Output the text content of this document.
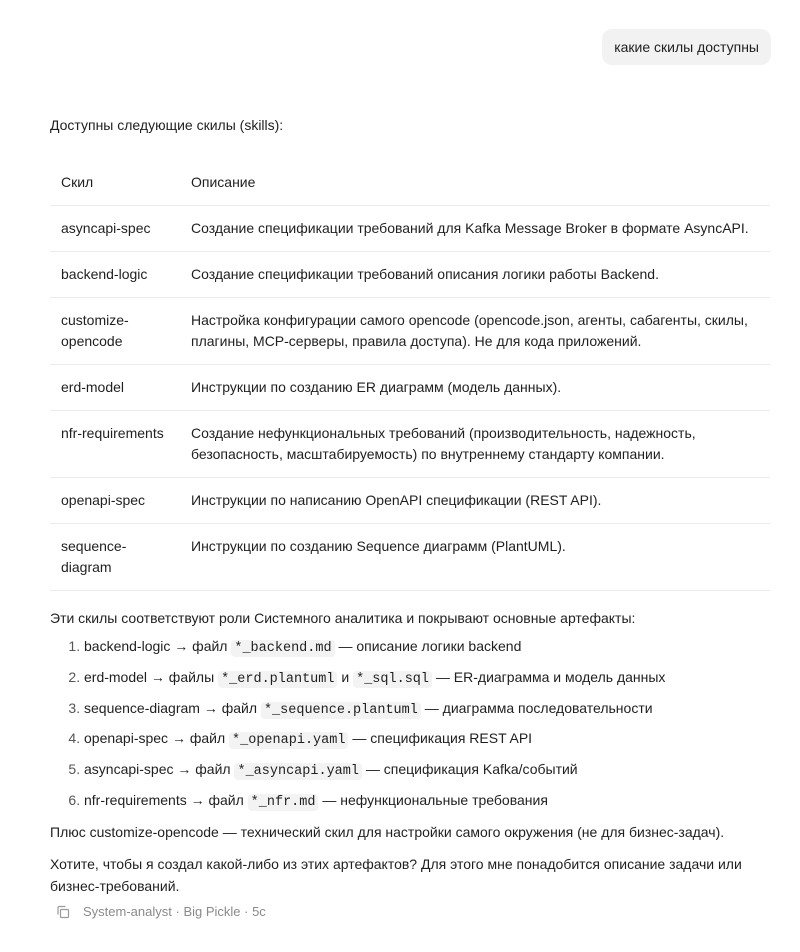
какие скилы доступны

Доступны следующие скилы (skills):

Скил	Описание
asyncapi-spec	Создание спецификации требований для Kafka Message Broker в формате AsyncAPI.
backend-logic	Создание спецификации требований описания логики работы Backend.
customize-opencode	Настройка конфигурации самого opencode (opencode.json, агенты, сабагенты, скилы, плагины, MCP-серверы, правила доступа). Не для кода приложений.
erd-model	Инструкции по созданию ER диаграмм (модель данных).
nfr-requirements	Создание нефункциональных требований (производительность, надежность, безопасность, масштабируемость) по внутреннему стандарту компании.
openapi-spec	Инструкции по написанию OpenAPI спецификации (REST API).
sequence-diagram	Инструкции по созданию Sequence диаграмм (PlantUML).

Эти скилы соответствуют роли Системного аналитика и покрывают основные артефакты:

1. backend-logic → файл *_backend.md — описание логики backend
2. erd-model → файлы *_erd.plantuml и *_sql.sql — ER-диаграмма и модель данных
3. sequence-diagram → файл *_sequence.plantuml — диаграмма последовательности
4. openapi-spec → файл *_openapi.yaml — спецификация REST API
5. asyncapi-spec → файл *_asyncapi.yaml — спецификация Kafka/событий
6. nfr-requirements → файл *_nfr.md — нефункциональные требования

Плюс customize-opencode — технический скил для настройки самого окружения (не для бизнес-задач).

Хотите, чтобы я создал какой-либо из этих артефактов? Для этого мне понадобится описание задачи или бизнес-требований.

System-analyst · Big Pickle · 5c
